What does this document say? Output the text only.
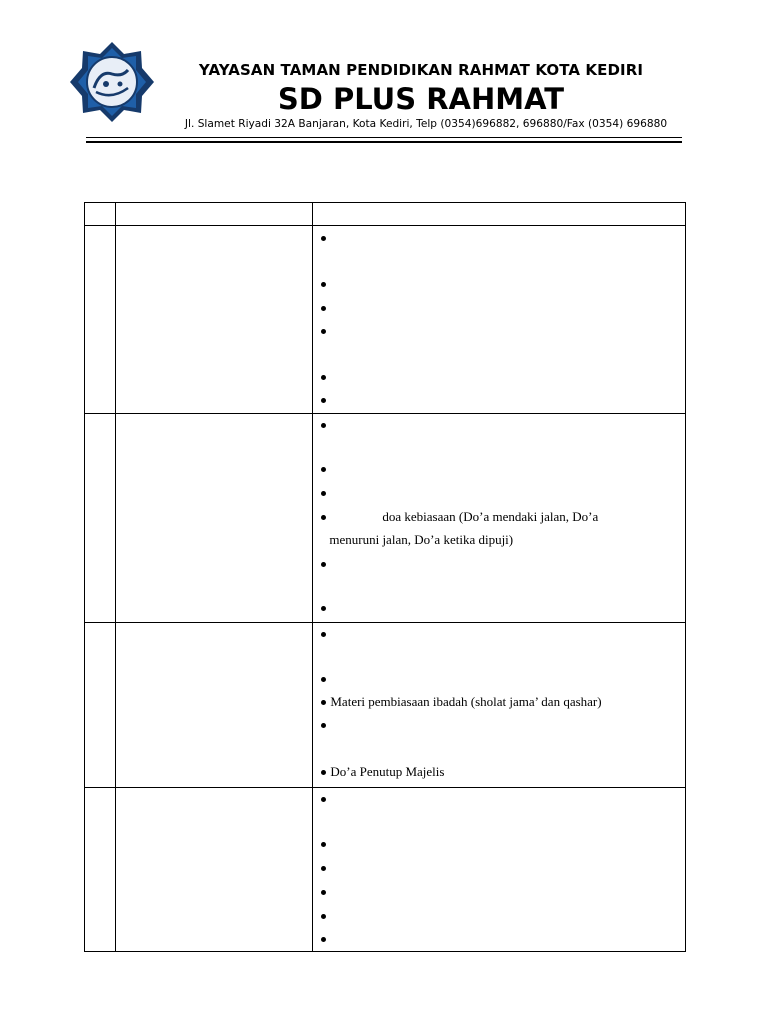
YAYASAN TAMAN PENDIDIKAN RAHMAT KOTA KEDIRI
SD PLUS RAHMAT
Jl. Slamet Riyadi 32A Banjaran, Kota Kediri, Telp (0354)696882, 696880/Fax (0354) 696880

		doa kebiasaan (Do’a mendaki jalan, Do’a
menuruni jalan, Do’a ketika dipuji)

		Materi pembiasaan ibadah (sholat jama’ dan qashar)
Do’a Penutup Majelis
